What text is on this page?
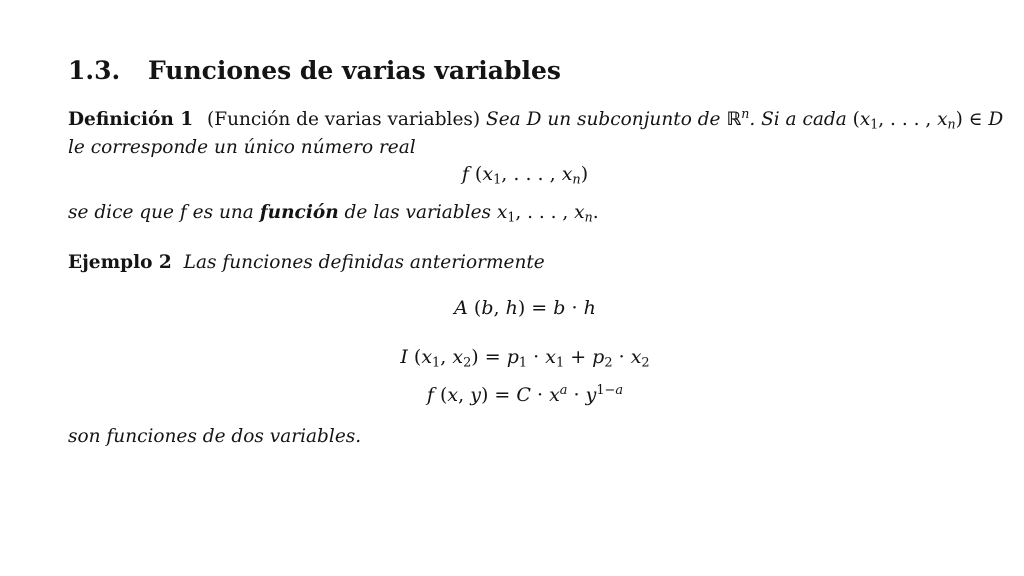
1.3. Funciones de varias variables
Definición 1 (Función de varias variables) Sea D un subconjunto de ℝ$^n$. Si a cada ($x_1$, . . . , $x_n$) ∈ D
le corresponde un único número real
f ($x_1$, . . . , $x_n$)
se dice que f es una función de las variables $x_1$, . . . , $x_n$.
Ejemplo 2 Las funciones definidas anteriormente
A (b, h) = b · h
I ($x_1$, $x_2) = p_1 \cdot x_1 + p_2 \cdot x_2$
f (x, $y) = C \cdot x^a \cdot y^{1-a}$
son funciones de dos variables.
